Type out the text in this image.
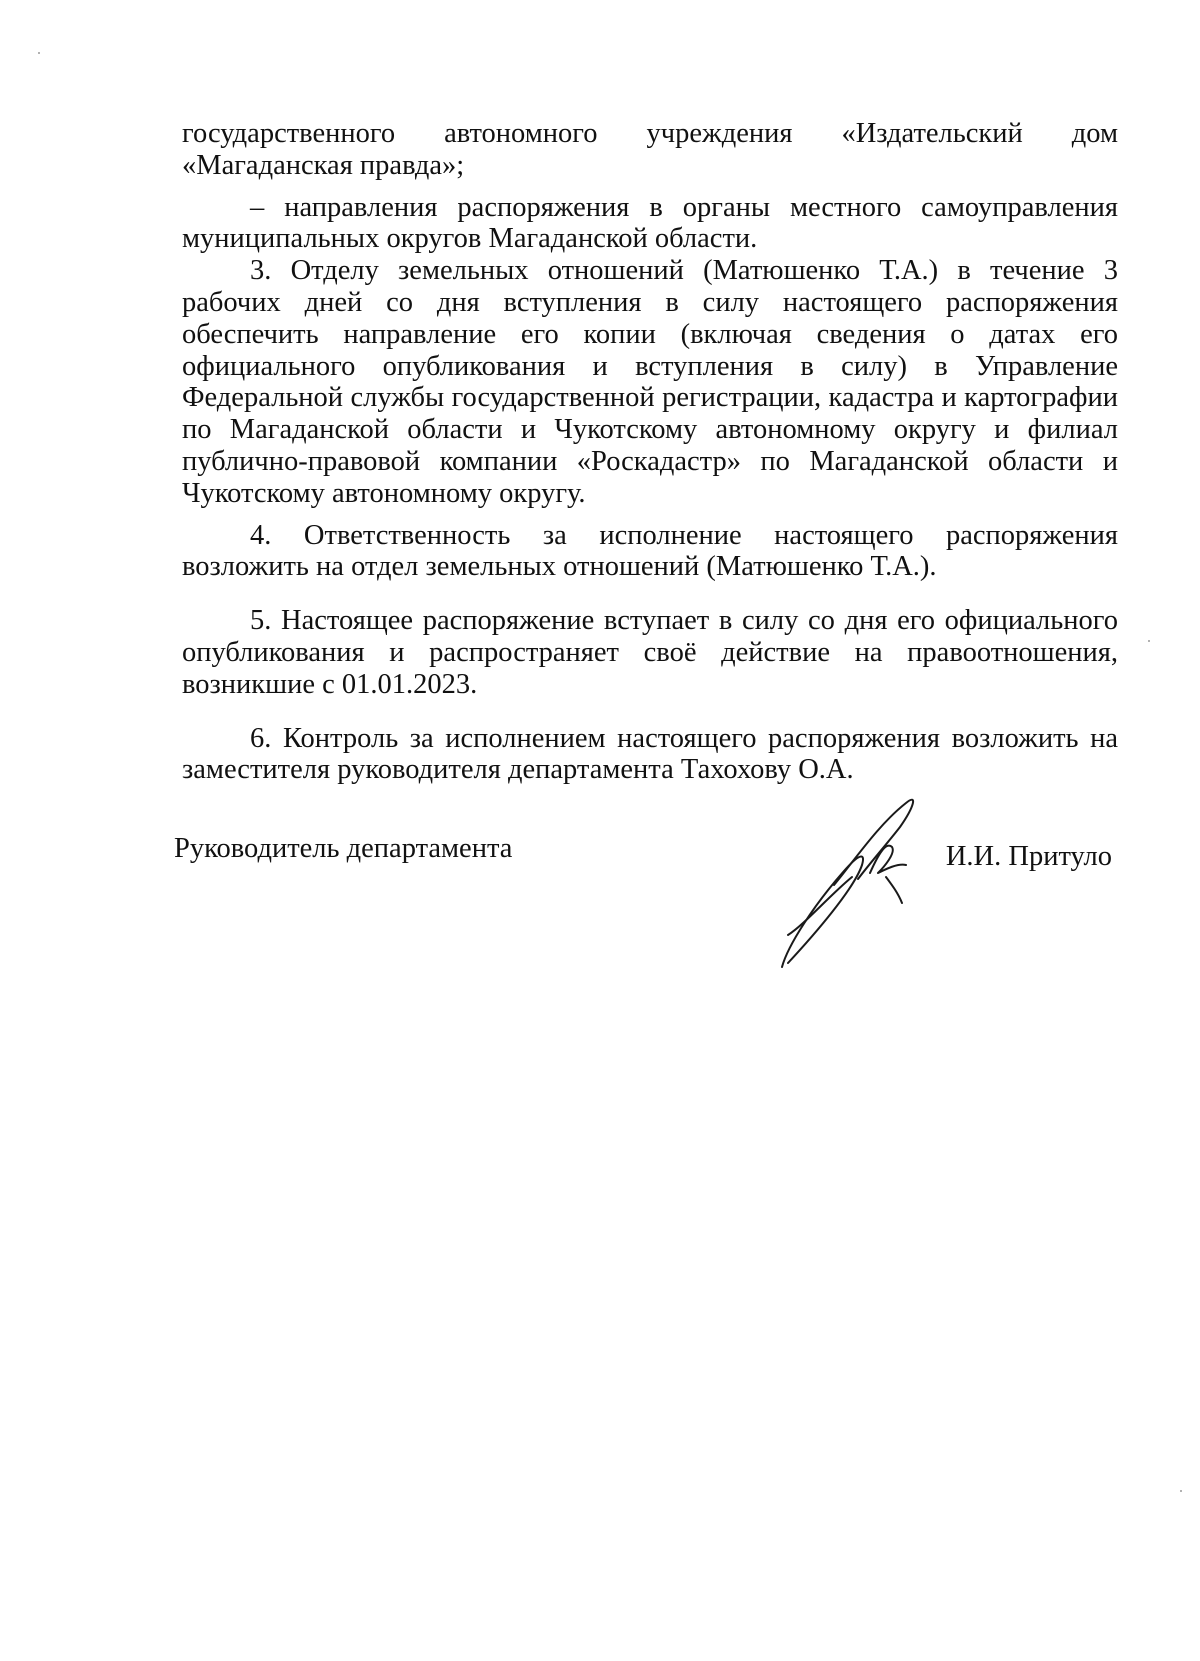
государственного автономного учреждения «Издательский дом «Магаданская правда»;

– направления распоряжения в органы местного самоуправления муниципальных округов Магаданской области.

3. Отделу земельных отношений (Матюшенко Т.А.) в течение 3 рабочих дней со дня вступления в силу настоящего распоряжения обеспечить направление его копии (включая сведения о датах его официального опубликования и вступления в силу) в Управление Федеральной службы государственной регистрации, кадастра и картографии по Магаданской области и Чукотскому автономному округу и филиал публично-правовой компании «Роскадастр» по Магаданской области и Чукотскому автономному округу.

4. Ответственность за исполнение настоящего распоряжения возложить на отдел земельных отношений (Матюшенко Т.А.).

5. Настоящее распоряжение вступает в силу со дня его официального опубликования и распространяет своё действие на правоотношения, возникшие с 01.01.2023.

6. Контроль за исполнением настоящего распоряжения возложить на заместителя руководителя департамента Тахохову О.А.

Руководитель департамента	И.И. Притуло
